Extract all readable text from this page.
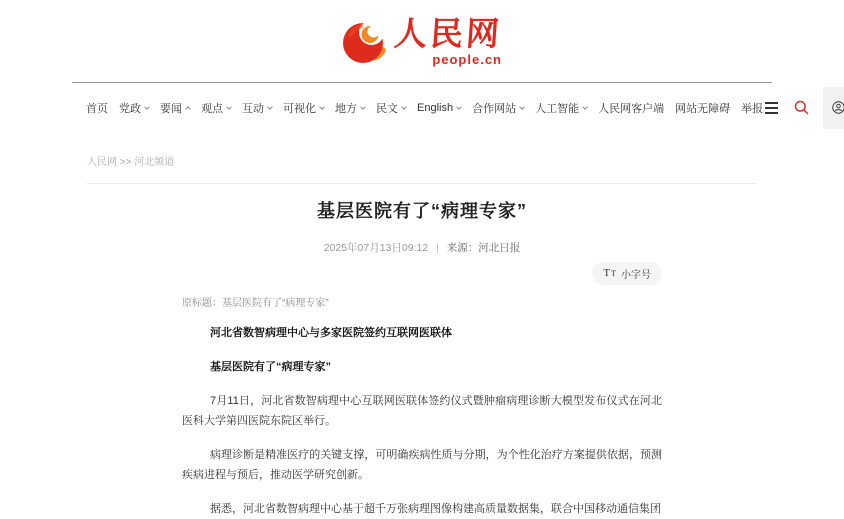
人民网
people.cn
首页 党政 要闻 观点 互动 可视化 地方 民文 English 合作网站 人工智能 人民网客户端 网站无障碍 举报
人民网 >> 河北频道
基层医院有了“病理专家”
2025年07月13日09:12 | 来源：河北日报
T T 小字号
原标题：基层医院有了“病理专家”

河北省数智病理中心与多家医院签约互联网医联体

基层医院有了“病理专家”

7月11日，河北省数智病理中心互联网医联体签约仪式暨肿瘤病理诊断大模型发布仪式在河北医科大学第四医院东院区举行。

病理诊断是精准医疗的关键支撑，可明确疾病性质与分期，为个性化治疗方案提供依据，预测疾病进程与预后，推动医学研究创新。

据悉，河北省数智病理中心基于超千万张病理图像构建高质量数据集，联合中国移动通信集团
